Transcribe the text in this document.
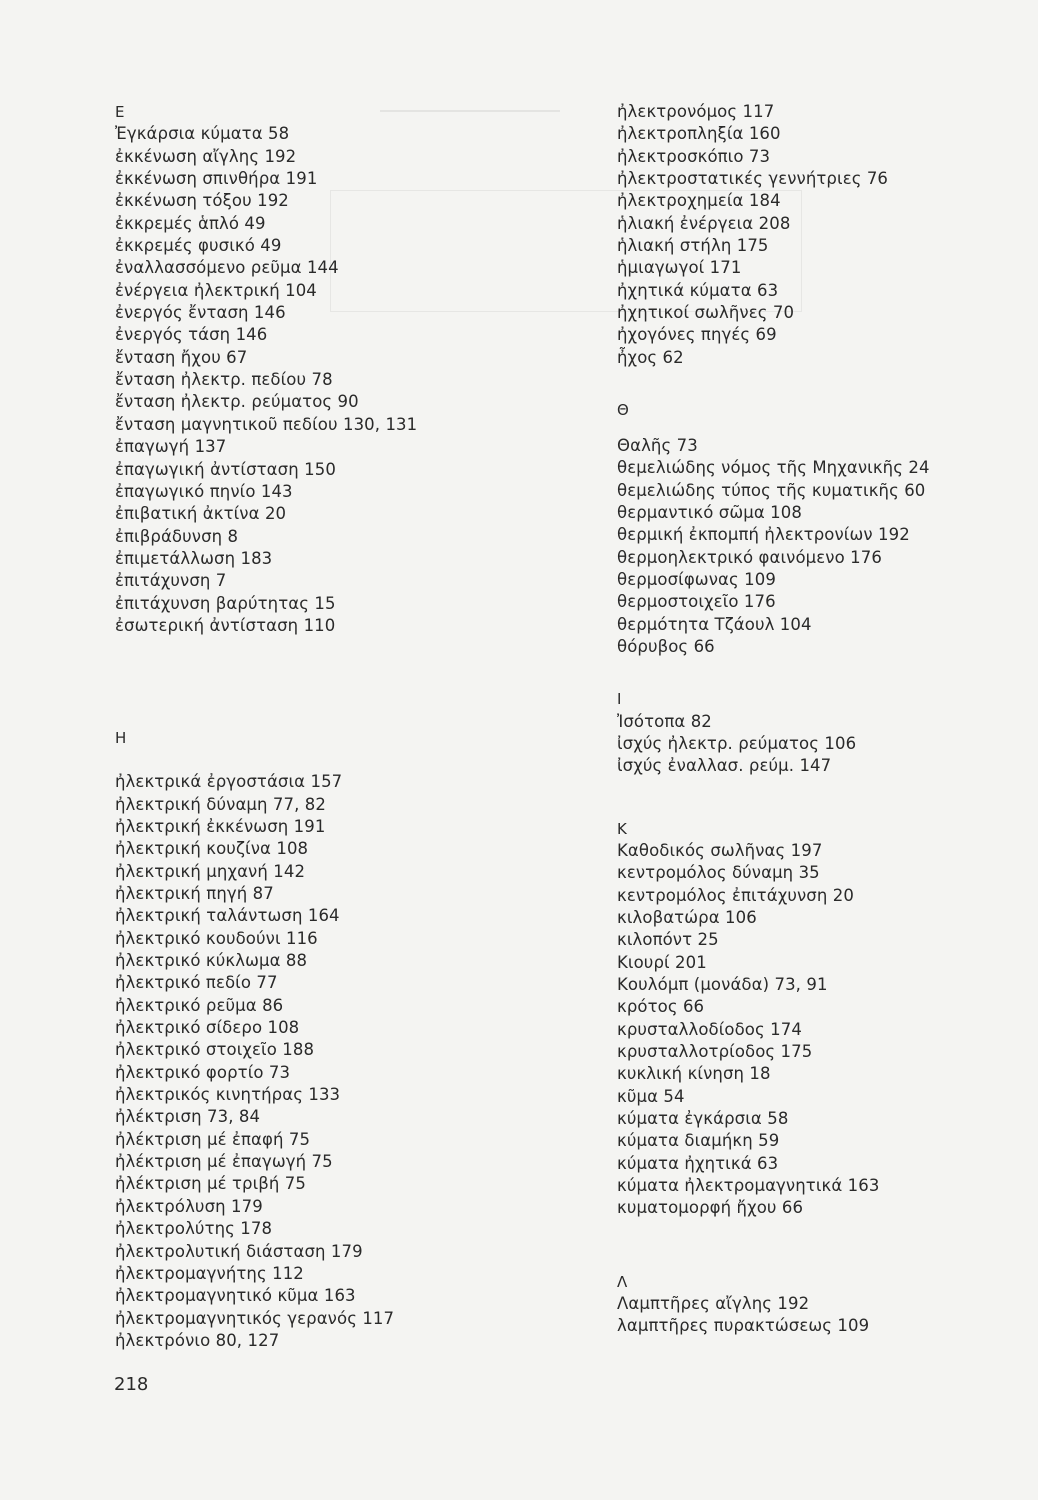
Ε
Ἐγκάρσια κύματα 58
ἐκκένωση αἴγλης 192
ἐκκένωση σπινθήρα 191
ἐκκένωση τόξου 192
ἐκκρεμές ἁπλό 49
ἐκκρεμές φυσικό 49
ἐναλλασσόμενο ρεῦμα 144
ἐνέργεια ἠλεκτρική 104
ἐνεργός ἔνταση 146
ἐνεργός τάση 146
ἔνταση ἤχου 67
ἔνταση ἠλεκτρ. πεδίου 78
ἔνταση ἠλεκτρ. ρεύματος 90
ἔνταση μαγνητικοῦ πεδίου 130, 131
ἐπαγωγή 137
ἐπαγωγική ἀντίσταση 150
ἐπαγωγικό πηνίο 143
ἐπιβατική ἀκτίνα 20
ἐπιβράδυνση 8
ἐπιμετάλλωση 183
ἐπιτάχυνση 7
ἐπιτάχυνση βαρύτητας 15
ἐσωτερική ἀντίσταση 110
Η
ἠλεκτρικά ἐργοστάσια 157
ἠλεκτρική δύναμη 77, 82
ἠλεκτρική ἐκκένωση 191
ἠλεκτρική κουζίνα 108
ἠλεκτρική μηχανή 142
ἠλεκτρική πηγή 87
ἠλεκτρική ταλάντωση 164
ἠλεκτρικό κουδούνι 116
ἠλεκτρικό κύκλωμα 88
ἠλεκτρικό πεδίο 77
ἠλεκτρικό ρεῦμα 86
ἠλεκτρικό σίδερο 108
ἠλεκτρικό στοιχεῖο 188
ἠλεκτρικό φορτίο 73
ἠλεκτρικός κινητήρας 133
ἠλέκτριση 73, 84
ἠλέκτριση μέ ἐπαφή 75
ἠλέκτριση μέ ἐπαγωγή 75
ἠλέκτριση μέ τριβή 75
ἠλεκτρόλυση 179
ἠλεκτρολύτης 178
ἠλεκτρολυτική διάσταση 179
ἠλεκτρομαγνήτης 112
ἠλεκτρομαγνητικό κῦμα 163
ἠλεκτρομαγνητικός γερανός 117
ἠλεκτρόνιο 80, 127
ἠλεκτρονόμος 117
ἠλεκτροπληξία 160
ἠλεκτροσκόπιο 73
ἠλεκτροστατικές γεννήτριες 76
ἠλεκτροχημεία 184
ἡλιακή ἐνέργεια 208
ἡλιακή στήλη 175
ἡμιαγωγοί 171
ἠχητικά κύματα 63
ἠχητικοί σωλῆνες 70
ἠχογόνες πηγές 69
ἦχος 62
Θ
Θαλῆς 73
θεμελιώδης νόμος τῆς Μηχανικῆς 24
θεμελιώδης τύπος τῆς κυματικῆς 60
θερμαντικό σῶμα 108
θερμική ἐκπομπή ἠλεκτρονίων 192
θερμοηλεκτρικό φαινόμενο 176
θερμοσίφωνας 109
θερμοστοιχεῖο 176
θερμότητα Τζάουλ 104
θόρυβος 66
Ι
Ἰσότοπα 82
ἰσχύς ἠλεκτρ. ρεύματος 106
ἰσχύς ἐναλλασ. ρεύμ. 147
Κ
Καθοδικός σωλῆνας 197
κεντρομόλος δύναμη 35
κεντρομόλος ἐπιτάχυνση 20
κιλοβατώρα 106
κιλοπόντ 25
Κιουρί 201
Κουλόμπ (μονάδα) 73, 91
κρότος 66
κρυσταλλοδίοδος 174
κρυσταλλοτρίοδος 175
κυκλική κίνηση 18
κῦμα 54
κύματα ἐγκάρσια 58
κύματα διαμήκη 59
κύματα ἠχητικά 63
κύματα ἠλεκτρομαγνητικά 163
κυματομορφή ἤχου 66
Λ
Λαμπτῆρες αἴγλης 192
λαμπτῆρες πυρακτώσεως 109
218
